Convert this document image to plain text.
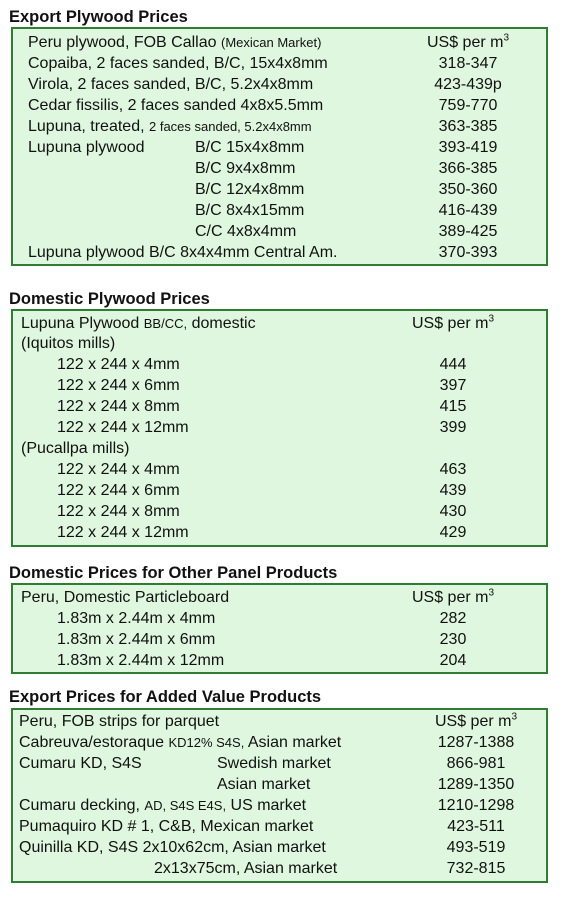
Export Plywood Prices
Peru plywood, FOB Callao (Mexican Market)	US$ per $m^3$
Copaiba, 2 faces sanded, B/C, 15x4x8mm	318-347
Virola, 2 faces sanded, B/C, 5.2x4x8mm	423-439p
Cedar fissilis, 2 faces sanded 4x8x5.5mm	759-770
Lupuna, treated, 2 faces sanded, 5.2x4x8mm	363-385
Lupuna plywood	B/C 15x4x8mm	393-419
B/C 9x4x8mm	366-385
B/C 12x4x8mm	350-360
B/C 8x4x15mm	416-439
C/C 4x8x4mm	389-425
Lupuna plywood B/C 8x4x4mm Central Am.	370-393
Domestic Plywood Prices
Lupuna Plywood BB/CC, domestic	US$ per $m^3$
(Iquitos mills)
122 x 244 x 4mm	444
122 x 244 x 6mm	397
122 x 244 x 8mm	415
122 x 244 x 12mm	399
(Pucallpa mills)
122 x 244 x 4mm	463
122 x 244 x 6mm	439
122 x 244 x 8mm	430
122 x 244 x 12mm	429
Domestic Prices for Other Panel Products
Peru, Domestic Particleboard	US$ per $m^3$
1.83m x 2.44m x 4mm	282
1.83m x 2.44m x 6mm	230
1.83m x 2.44m x 12mm	204
Export Prices for Added Value Products
Peru, FOB strips for parquet	US$ per $m^3$
Cabreuva/estoraque KD12% S4S, Asian market	1287-1388
Cumaru KD, S4S	Swedish market	866-981
Asian market	1289-1350
Cumaru decking, AD, S4S E4S, US market	1210-1298
Pumaquiro KD # 1, C&B, Mexican market	423-511
Quinilla KD, S4S 2x10x62cm, Asian market	493-519
2x13x75cm, Asian market	732-815
